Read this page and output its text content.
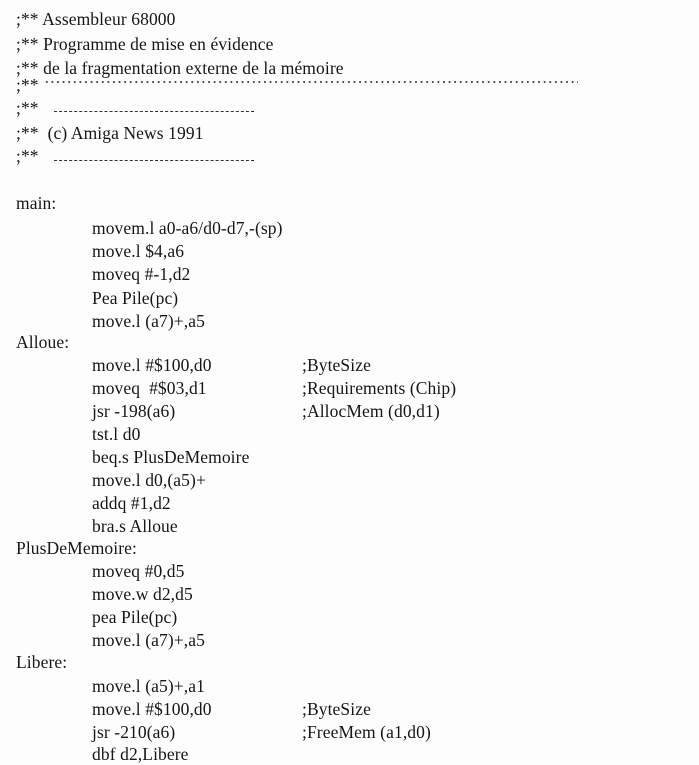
;** Assembleur 68000
;** Programme de mise en évidence
;** de la fragmentation externe de la mémoire
;**
;**
;**  (c) Amiga News 1991
;**
main:
movem.l a0-a6/d0-d7,-(sp)
move.l $4,a6
moveq #-1,d2
Pea Pile(pc)
move.l (a7)+,a5
Alloue:
move.l #$100,d0	;ByteSize
moveq  #$03,d1	;Requirements (Chip)
jsr -198(a6)	;AllocMem (d0,d1)
tst.l d0
beq.s PlusDeMemoire
move.l d0,(a5)+
addq #1,d2
bra.s Alloue
PlusDeMemoire:
moveq #0,d5
move.w d2,d5
pea Pile(pc)
move.l (a7)+,a5
Libere:
move.l (a5)+,a1
move.l #$100,d0	;ByteSize
jsr -210(a6)	;FreeMem (a1,d0)
dbf d2,Libere
